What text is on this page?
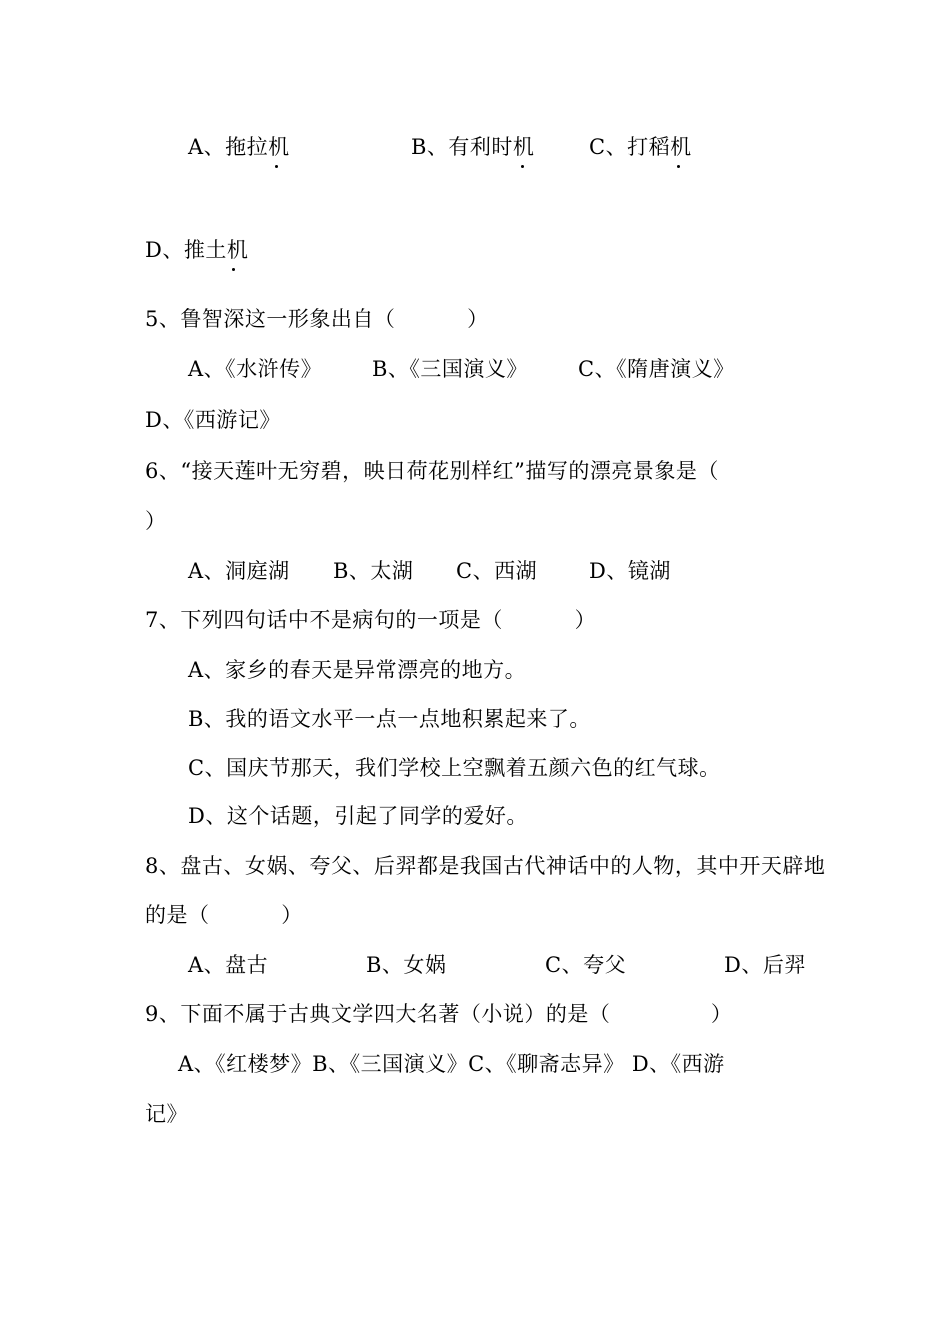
A、拖拉机	B、有利时机	C、打稻机
D、推土机
5、鲁智深这一形象出自（          ）
A、《水浒传》 B、《三国演义》 C、《隋唐演义》
D、《西游记》
6、“接天莲叶无穷碧，映日荷花别样红”描写的漂亮景象是（
）
A、洞庭湖 B、太湖 C、西湖 D、镜湖
7、下列四句话中不是病句的一项是（          ）
A、家乡的春天是异常漂亮的地方。
B、我的语文水平一点一点地积累起来了。
C、国庆节那天，我们学校上空飘着五颜六色的红气球。
D、这个话题，引起了同学的爱好。
8、盘古、女娲、夸父、后羿都是我国古代神话中的人物，其中开天辟地
的是（          ）
A、盘古	B、女娲	C、夸父	D、后羿
9、下面不属于古典文学四大名著（小说）的是（              ）
A、《红楼梦》B、《三国演义》C、《聊斋志异》 D、《西游
记》
